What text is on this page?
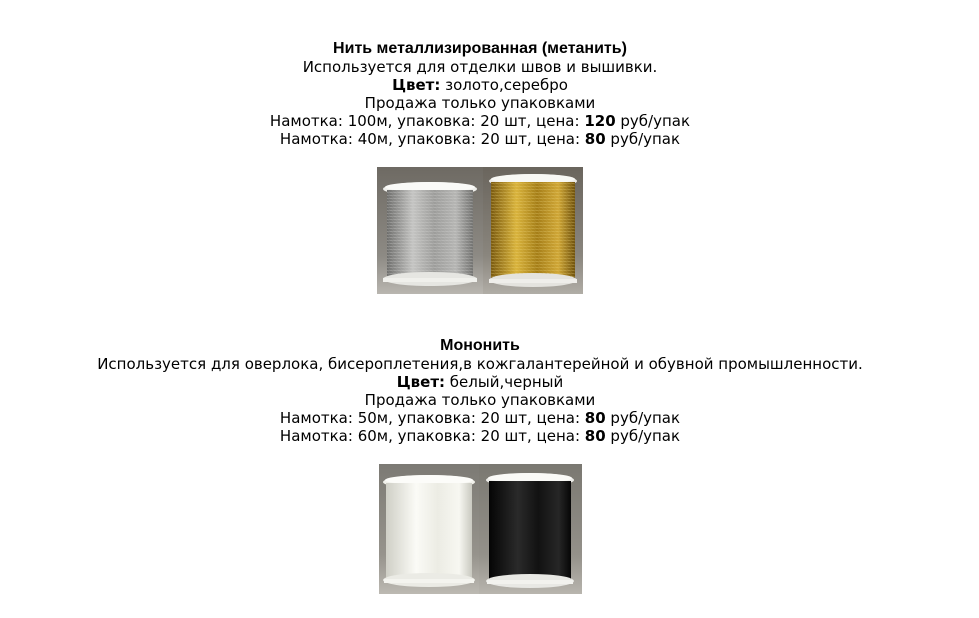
Нить металлизированная (метанить)
Используется для отделки швов и вышивки.
Цвет: золото,серебро
Продажа только упаковками
Намотка: 100м, упаковка: 20 шт, цена: 120 руб/упак
Намотка: 40м, упаковка: 20 шт, цена: 80 руб/упак
Мононить
Используется для оверлока, бисероплетения,в кожгалантерейной и обувной промышленности.
Цвет: белый,черный
Продажа только упаковками
Намотка: 50м, упаковка: 20 шт, цена: 80 руб/упак
Намотка: 60м, упаковка: 20 шт, цена: 80 руб/упак
